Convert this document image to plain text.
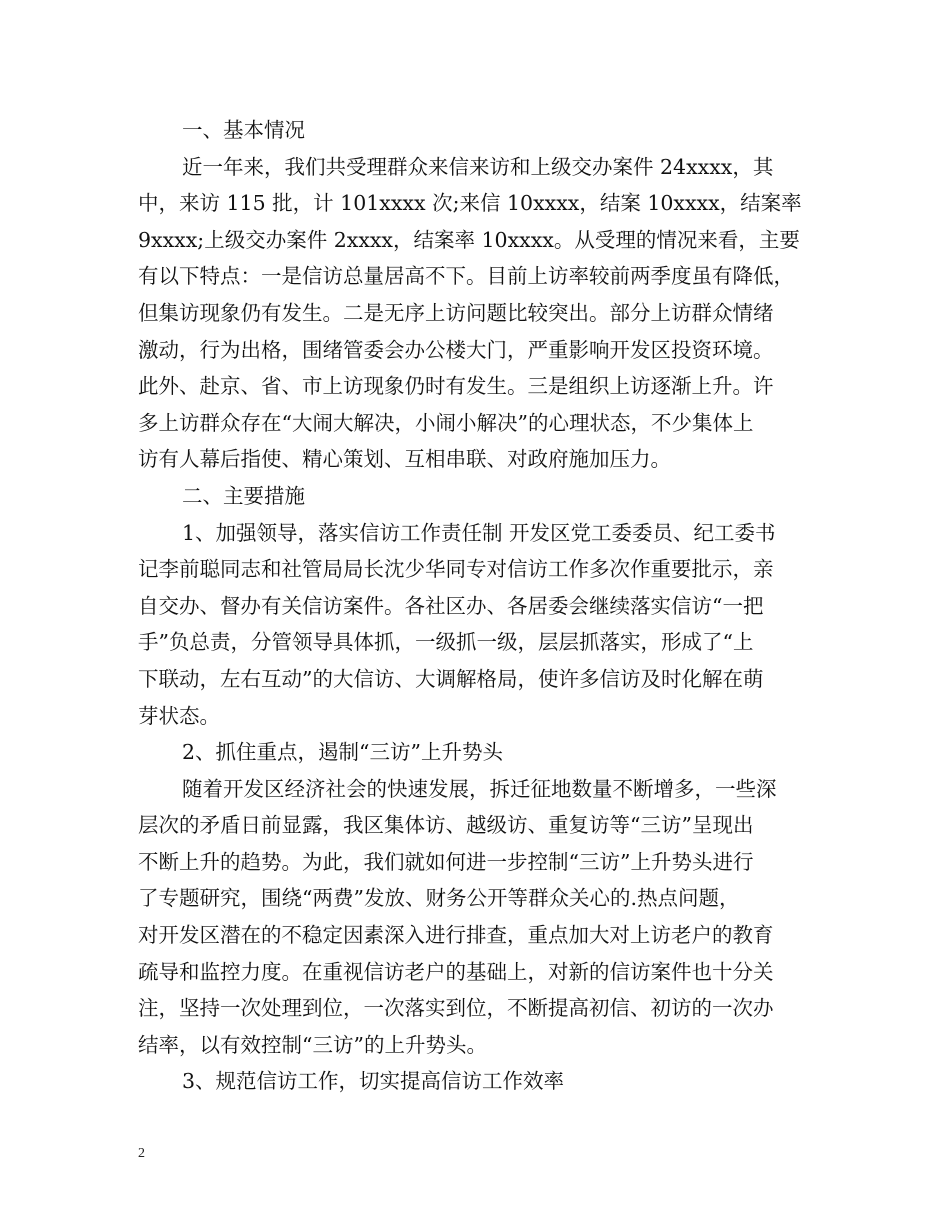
一、基本情况
近一年来，我们共受理群众来信来访和上级交办案件 24xxxx，其
中，来访 115 批，计 101xxxx 次;来信 10xxxx，结案 10xxxx，结案率
9xxxx;上级交办案件 2xxxx，结案率 10xxxx。从受理的情况来看，主要
有以下特点：一是信访总量居高不下。目前上访率较前两季度虽有降低，
但集访现象仍有发生。二是无序上访问题比较突出。部分上访群众情绪
激动，行为出格，围绪管委会办公楼大门，严重影响开发区投资环境。
此外、赴京、省、市上访现象仍时有发生。三是组织上访逐渐上升。许
多上访群众存在“大闹大解决，小闹小解决”的心理状态，不少集体上
访有人幕后指使、精心策划、互相串联、对政府施加压力。
二、主要措施
1、加强领导，落实信访工作责任制 开发区党工委委员、纪工委书
记李前聪同志和社管局局长沈少华同专对信访工作多次作重要批示，亲
自交办、督办有关信访案件。各社区办、各居委会继续落实信访“一把
手”负总责，分管领导具体抓，一级抓一级，层层抓落实，形成了“上
下联动，左右互动”的大信访、大调解格局，使许多信访及时化解在萌
芽状态。
2、抓住重点，遏制“三访”上升势头
随着开发区经济社会的快速发展，拆迁征地数量不断增多，一些深
层次的矛盾日前显露，我区集体访、越级访、重复访等“三访”呈现出
不断上升的趋势。为此，我们就如何进一步控制“三访”上升势头进行
了专题研究，围绕“两费”发放、财务公开等群众关心的.热点问题，
对开发区潜在的不稳定因素深入进行排查，重点加大对上访老户的教育
疏导和监控力度。在重视信访老户的基础上，对新的信访案件也十分关
注，坚持一次处理到位，一次落实到位，不断提高初信、初访的一次办
结率，以有效控制“三访”的上升势头。
3、规范信访工作，切实提高信访工作效率
2
